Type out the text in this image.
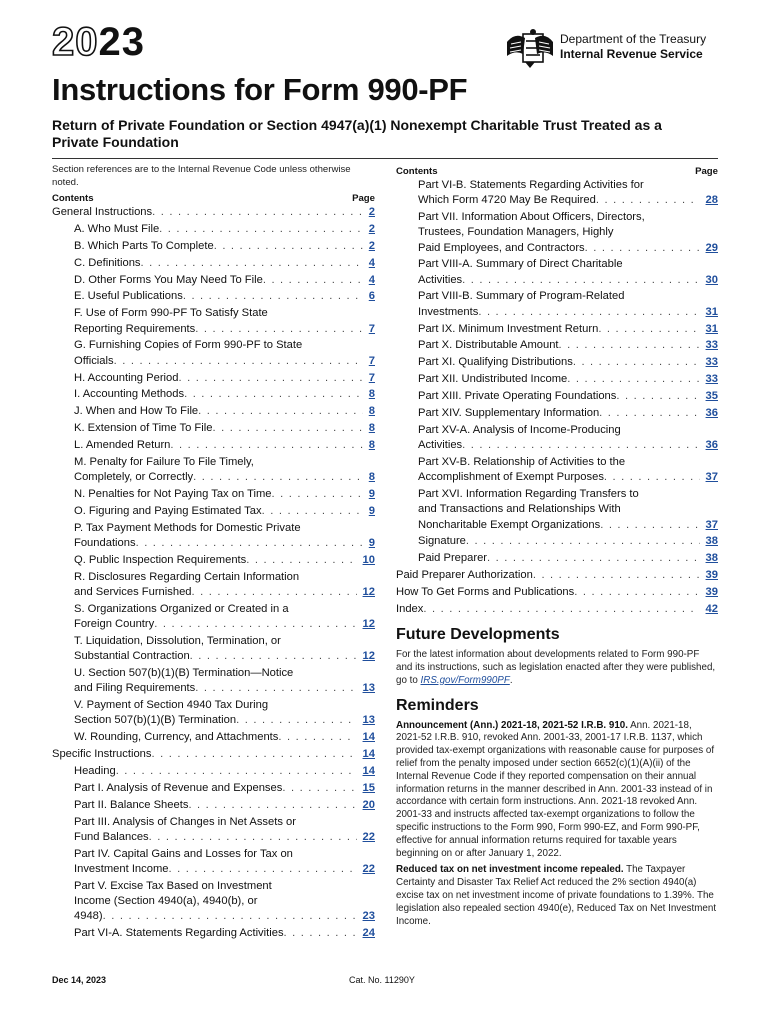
2023	Department of the Treasury
Internal Revenue Service
Instructions for Form 990-PF
Return of Private Foundation or Section 4947(a)(1) Nonexempt Charitable Trust Treated as a Private Foundation

Section references are to the Internal Revenue Code unless otherwise noted.

Contents	Page
General Instructions . . .	2
A. Who Must File . . .	2
B. Which Parts To Complete . . .	2
C. Definitions . . .	4
D. Other Forms You May Need To File . . .	4
E. Useful Publications . . .	6
F. Use of Form 990-PF To Satisfy State
Reporting Requirements . . .	7
G. Furnishing Copies of Form 990-PF to State
Officials . . .	7
H. Accounting Period . . .	7
I. Accounting Methods . . .	8
J. When and How To File . . .	8
K. Extension of Time To File . . .	8
L. Amended Return . . .	8
M. Penalty for Failure To File Timely,
Completely, or Correctly . . .	8
N. Penalties for Not Paying Tax on Time . . .	9
O. Figuring and Paying Estimated Tax . . .	9
P. Tax Payment Methods for Domestic Private
Foundations . . .	9
Q. Public Inspection Requirements . . .	10
R. Disclosures Regarding Certain Information
and Services Furnished . . .	12
S. Organizations Organized or Created in a
Foreign Country . . .	12
T. Liquidation, Dissolution, Termination, or
Substantial Contraction . . .	12
U. Section 507(b)(1)(B) Termination—Notice
and Filing Requirements . . .	13
V. Payment of Section 4940 Tax During
Section 507(b)(1)(B) Termination . . .	13
W. Rounding, Currency, and Attachments . . .	14
Specific Instructions . . .	14
Heading . . .	14
Part I. Analysis of Revenue and Expenses . . .	15
Part II. Balance Sheets . . .	20
Part III. Analysis of Changes in Net Assets or
Fund Balances . . .	22
Part IV. Capital Gains and Losses for Tax on
Investment Income . . .	22
Part V. Excise Tax Based on Investment
Income (Section 4940(a), 4940(b), or
4948) . . .	23
Part VI-A. Statements Regarding Activities . . .	24
Contents	Page
Part VI-B. Statements Regarding Activities for
Which Form 4720 May Be Required . . .	28
Part VII. Information About Officers, Directors,
Trustees, Foundation Managers, Highly
Paid Employees, and Contractors . . .	29
Part VIII-A. Summary of Direct Charitable
Activities . . .	30
Part VIII-B. Summary of Program-Related
Investments . . .	31
Part IX. Minimum Investment Return . . .	31
Part X. Distributable Amount . . .	33
Part XI. Qualifying Distributions . . .	33
Part XII. Undistributed Income . . .	33
Part XIII. Private Operating Foundations . . .	35
Part XIV. Supplementary Information . . .	36
Part XV-A. Analysis of Income-Producing
Activities . . .	36
Part XV-B. Relationship of Activities to the
Accomplishment of Exempt Purposes . . .	37
Part XVI. Information Regarding Transfers to
and Transactions and Relationships With
Noncharitable Exempt Organizations . . .	37
Signature . . .	38
Paid Preparer . . .	38
Paid Preparer Authorization . . .	39
How To Get Forms and Publications . . .	39
Index . . .	42
Future Developments

For the latest information about developments related to Form 990-PF and its instructions, such as legislation enacted after they were published, go to IRS.gov/Form990PF.

Reminders

Announcement (Ann.) 2021-18, 2021-52 I.R.B. 910. Ann. 2021-18, 2021-52 I.R.B. 910, revoked Ann. 2001-33, 2001-17 I.R.B. 1137, which provided tax-exempt organizations with reasonable cause for purposes of relief from the penalty imposed under section 6652(c)(1)(A)(ii) of the Internal Revenue Code if they reported compensation on their annual information returns in the manner described in Ann. 2001-33 instead of in accordance with certain form instructions. Ann. 2021-18 revoked Ann. 2001-33 and instructs affected tax-exempt organizations to follow the specific instructions to the Form 990, Form 990-EZ, and Form 990-PF, effective for annual information returns required for taxable years beginning on or after January 1, 2022.

Reduced tax on net investment income repealed. The Taxpayer Certainty and Disaster Tax Relief Act reduced the 2% section 4940(a) excise tax on net investment income of private foundations to 1.39%. The legislation also repealed section 4940(e), Reduced Tax on Net Investment Income.

Dec 14, 2023	Cat. No. 11290Y
